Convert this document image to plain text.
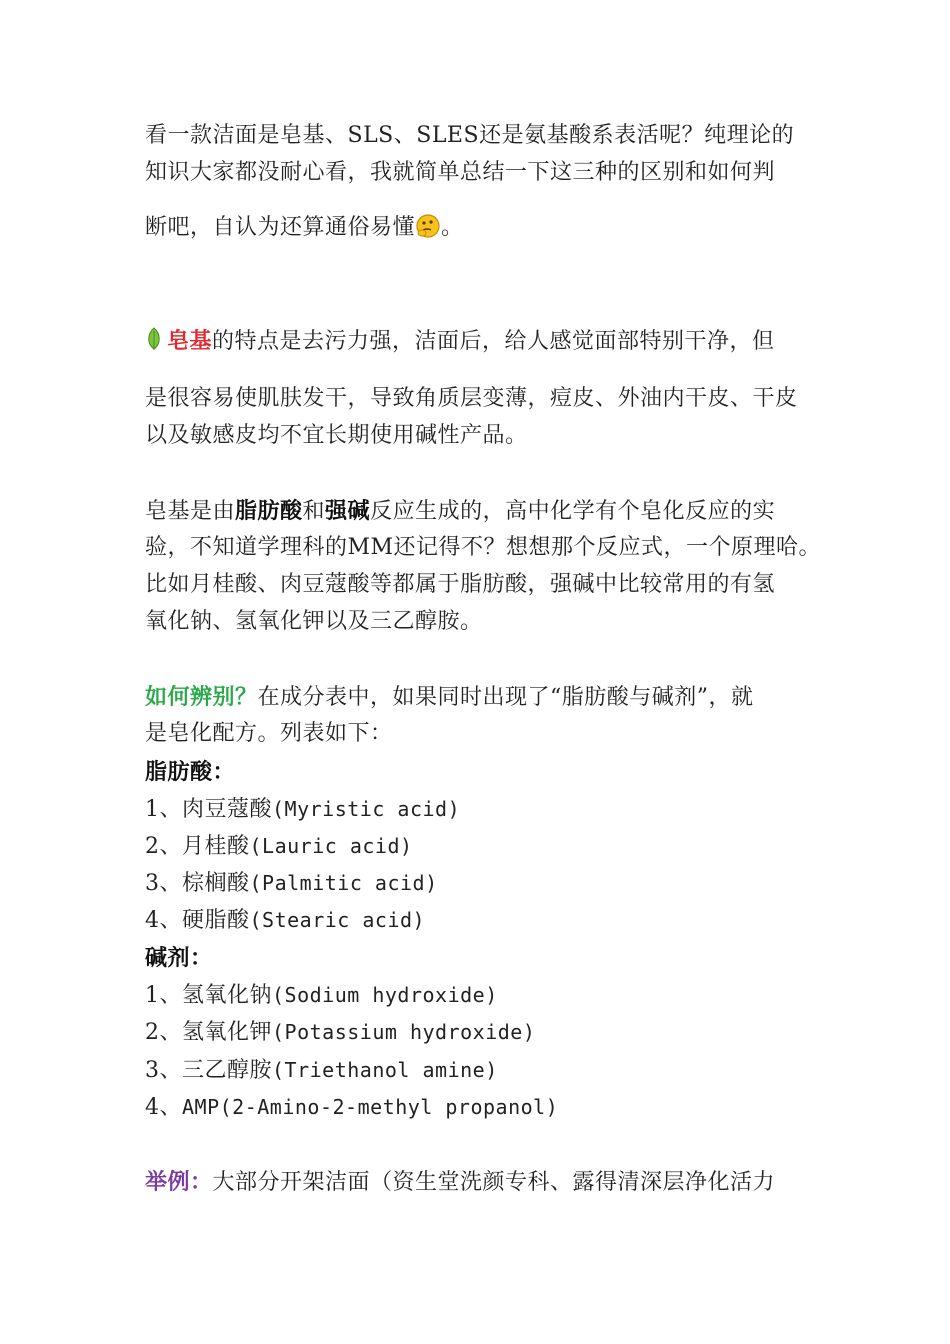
看一款洁面是皂基、SLS、SLES还是氨基酸系表活呢？纯理论的
知识大家都没耐心看，我就简单总结一下这三种的区别和如何判
断吧，自认为还算通俗易懂 。
皂基的特点是去污力强，洁面后，给人感觉面部特别干净，但
是很容易使肌肤发干，导致角质层变薄，痘皮、外油内干皮、干皮
以及敏感皮均不宜长期使用碱性产品。
皂基是由脂肪酸和强碱反应生成的，高中化学有个皂化反应的实
验，不知道学理科的MM还记得不？想想那个反应式，一个原理哈。
比如月桂酸、肉豆蔻酸等都属于脂肪酸，强碱中比较常用的有氢
氧化钠、氢氧化钾以及三乙醇胺。
如何辨别？在成分表中，如果同时出现了“脂肪酸与碱剂”，就
是皂化配方。列表如下：
脂肪酸：
1、肉豆蔻酸(Myristic acid)
2、月桂酸(Lauric acid)
3、棕榈酸(Palmitic acid)
4、硬脂酸(Stearic acid)
碱剂：
1、氢氧化钠(Sodium hydroxide)
2、氢氧化钾(Potassium hydroxide)
3、三乙醇胺(Triethanol amine)
4、AMP(2-Amino-2-methyl propanol)
举例：大部分开架洁面（资生堂洗颜专科、露得清深层净化活力
